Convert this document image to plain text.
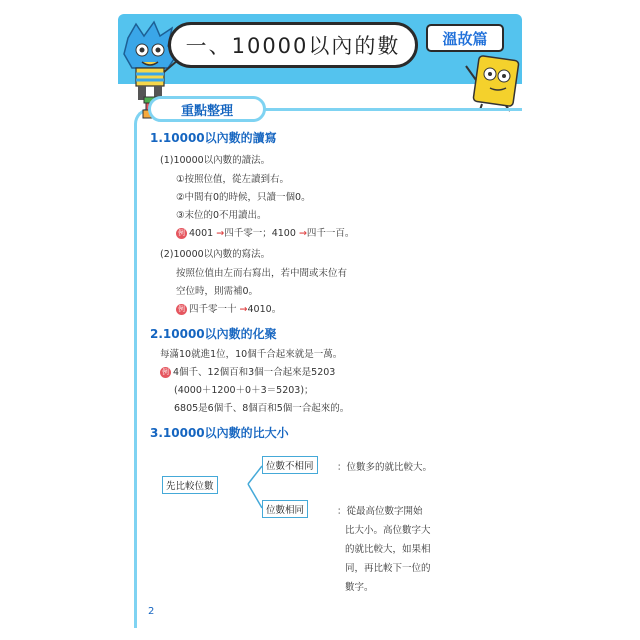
一、10000以內的數	溫故篇
重點整理
1.10000以內數的讀寫
(1)10000以內數的讀法。
①按照位值，從左讀到右。
②中間有0的時候，只讀一個0。
③末位的0不用讀出。
例 4001 →四千零一；4100 →四千一百。
(2)10000以內數的寫法。
按照位值由左而右寫出，若中間或末位有
空位時，則需補0。
例 四千零一十 →4010。
2.10000以內數的化聚
每滿10就進1位，10個千合起來就是一萬。
例 4個千、12個百和3個一合起來是5203
(4000＋1200＋0＋3＝5203)；
6805是6個千、8個百和5個一合起來的。
3.10000以內數的比大小
先比較位數
位數不相同	：位數多的就比較大。
位數相同	：從最高位數字開始
比大小。高位數字大
的就比較大，如果相
同，再比較下一位的
數字。
2
